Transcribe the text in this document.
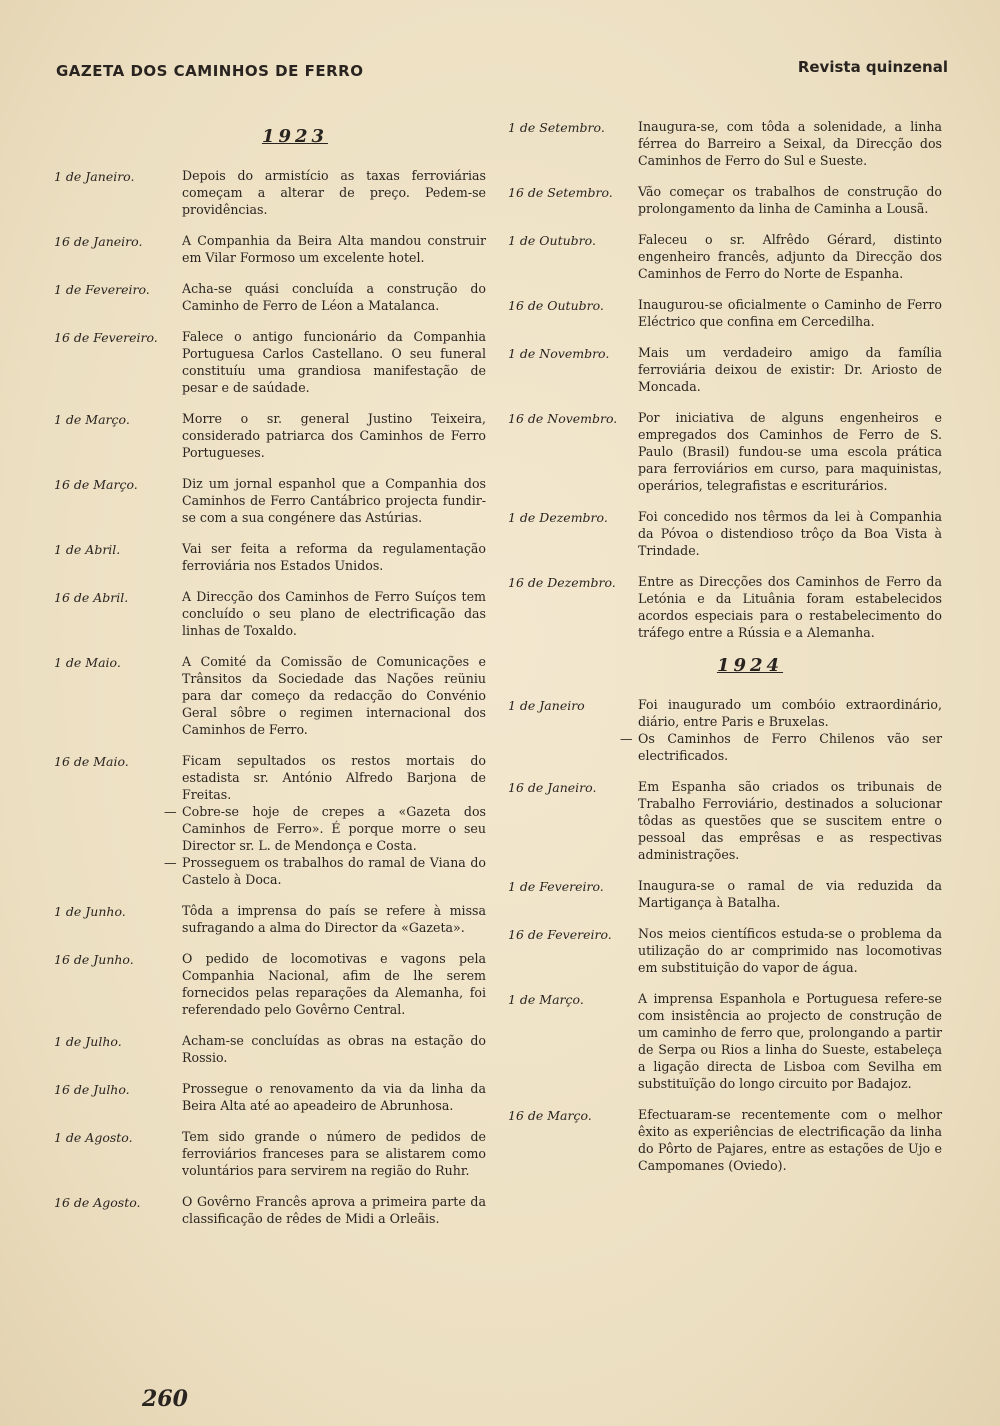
GAZETA DOS CAMINHOS DE FERRO	Revista quinzenal
1923
1 de Janeiro.	Depois do armistício as taxas ferroviárias começam a alterar de preço. Pedem-se providências.
16 de Janeiro.	A Companhia da Beira Alta mandou construir em Vilar Formoso um excelente hotel.
1 de Fevereiro.	Acha-se quási concluída a construção do Caminho de Ferro de Léon a Matalanca.
16 de Fevereiro.	Falece o antigo funcionário da Companhia Portuguesa Carlos Castellano. O seu funeral constituíu uma grandiosa manifestação de pesar e de saúdade.
1 de Março.	Morre o sr. general Justino Teixeira, considerado patriarca dos Caminhos de Ferro Portugueses.
16 de Março.	Diz um jornal espanhol que a Companhia dos Caminhos de Ferro Cantábrico projecta fundir-se com a sua congénere das Astúrias.
1 de Abril.	Vai ser feita a reforma da regulamentação ferroviária nos Estados Unidos.
16 de Abril.	A Direcção dos Caminhos de Ferro Suíços tem concluído o seu plano de electrificação das linhas de Toxaldo.
1 de Maio.	A Comité da Comissão de Comunicações e Trânsitos da Sociedade das Nações reüniu para dar começo da redacção do Convénio Geral sôbre o regimen internacional dos Caminhos de Ferro.
16 de Maio.	Ficam sepultados os restos mortais do estadista sr. António Alfredo Barjona de Freitas.
— Cobre-se hoje de crepes a «Gazeta dos Caminhos de Ferro». É porque morre o seu Director sr. L. de Mendonça e Costa.
— Prosseguem os trabalhos do ramal de Viana do Castelo à Doca.
1 de Junho.	Tôda a imprensa do país se refere à missa sufragando a alma do Director da «Gazeta».
16 de Junho.	O pedido de locomotivas e vagons pela Companhia Nacional, afim de lhe serem fornecidos pelas reparações da Alemanha, foi referendado pelo Govêrno Central.
1 de Julho.	Acham-se concluídas as obras na estação do Rossio.
16 de Julho.	Prossegue o renovamento da via da linha da Beira Alta até ao apeadeiro de Abrunhosa.
1 de Agosto.	Tem sido grande o número de pedidos de ferroviários franceses para se alistarem como voluntários para servirem na região do Ruhr.
16 de Agosto.	O Govêrno Francês aprova a primeira parte da classificação de rêdes de Midi a Orleãis.
1 de Setembro.	Inaugura-se, com tôda a solenidade, a linha férrea do Barreiro a Seixal, da Direcção dos Caminhos de Ferro do Sul e Sueste.
16 de Setembro.	Vão começar os trabalhos de construção do prolongamento da linha de Caminha a Lousã.
1 de Outubro.	Faleceu o sr. Alfrêdo Gérard, distinto engenheiro francês, adjunto da Direcção dos Caminhos de Ferro do Norte de Espanha.
16 de Outubro.	Inaugurou-se oficialmente o Caminho de Ferro Eléctrico que confina em Cercedilha.
1 de Novembro.	Mais um verdadeiro amigo da família ferroviária deixou de existir: Dr. Ariosto de Moncada.
16 de Novembro.	Por iniciativa de alguns engenheiros e empregados dos Caminhos de Ferro de S. Paulo (Brasil) fundou-se uma escola prática para ferroviários em curso, para maquinistas, operários, telegrafistas e escriturários.
1 de Dezembro.	Foi concedido nos têrmos da lei à Companhia da Póvoa o distendioso trôço da Boa Vista à Trindade.
16 de Dezembro.	Entre as Direcções dos Caminhos de Ferro da Letónia e da Lituânia foram estabelecidos acordos especiais para o restabelecimento do tráfego entre a Rússia e a Alemanha.
1924
1 de Janeiro	Foi inaugurado um combóio extraordinário, diário, entre Paris e Bruxelas.
— Os Caminhos de Ferro Chilenos vão ser electrificados.
16 de Janeiro.	Em Espanha são criados os tribunais de Trabalho Ferroviário, destinados a solucionar tôdas as questões que se suscitem entre o pessoal das emprêsas e as respectivas administrações.
1 de Fevereiro.	Inaugura-se o ramal de via reduzida da Martigança à Batalha.
16 de Fevereiro.	Nos meios científicos estuda-se o problema da utilização do ar comprimido nas locomotivas em substituição do vapor de água.
1 de Março.	A imprensa Espanhola e Portuguesa refere-se com insistência ao projecto de construção de um caminho de ferro que, prolongando a partir de Serpa ou Rios a linha do Sueste, estabeleça a ligação directa de Lisboa com Sevilha em substituïção do longo circuito por Badajoz.
16 de Março.	Efectuaram-se recentemente com o melhor êxito as experiências de electrificação da linha do Pôrto de Pajares, entre as estações de Ujo e Campomanes (Oviedo).
260
